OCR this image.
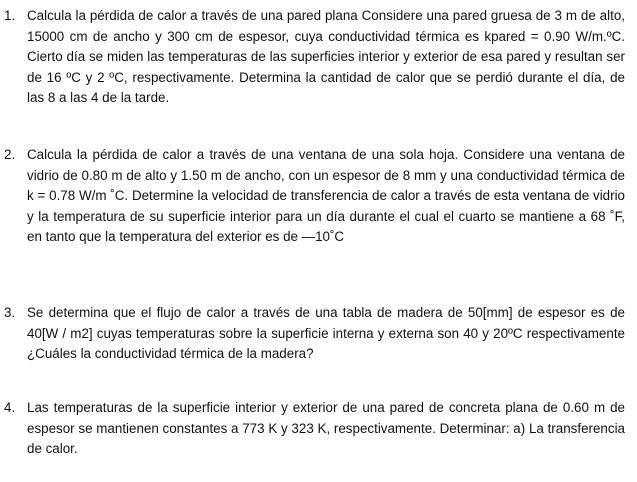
1. Calcula la pérdida de calor a través de una pared plana Considere una pared gruesa de 3 m de alto, 15000 cm de ancho y 300 cm de espesor, cuya conductividad térmica es kpared = 0.90 W/m.ºC. Cierto día se miden las temperaturas de las superficies interior y exterior de esa pared y resultan ser de 16 ºC y 2 ºC, respectivamente. Determina la cantidad de calor que se perdió durante el día, de las 8 a las 4 de la tarde.
2. Calcula la pérdida de calor a través de una ventana de una sola hoja. Considere una ventana de vidrio de 0.80 m de alto y 1.50 m de ancho, con un espesor de 8 mm y una conductividad térmica de k = 0.78 W/m ˚C. Determine la velocidad de transferencia de calor a través de esta ventana de vidrio y la temperatura de su superficie interior para un día durante el cual el cuarto se mantiene a 68 ˚F, en tanto que la temperatura del exterior es de —10˚C
3. Se determina que el flujo de calor a través de una tabla de madera de 50[mm] de espesor es de 40[W / m2] cuyas temperaturas sobre la superficie interna y externa son 40 y 20ºC respectivamente ¿Cuáles la conductividad térmica de la madera?
4. Las temperaturas de la superficie interior y exterior de una pared de concreta plana de 0.60 m de espesor se mantienen constantes a 773 K y 323 K, respectivamente. Determinar: a) La transferencia de calor.
